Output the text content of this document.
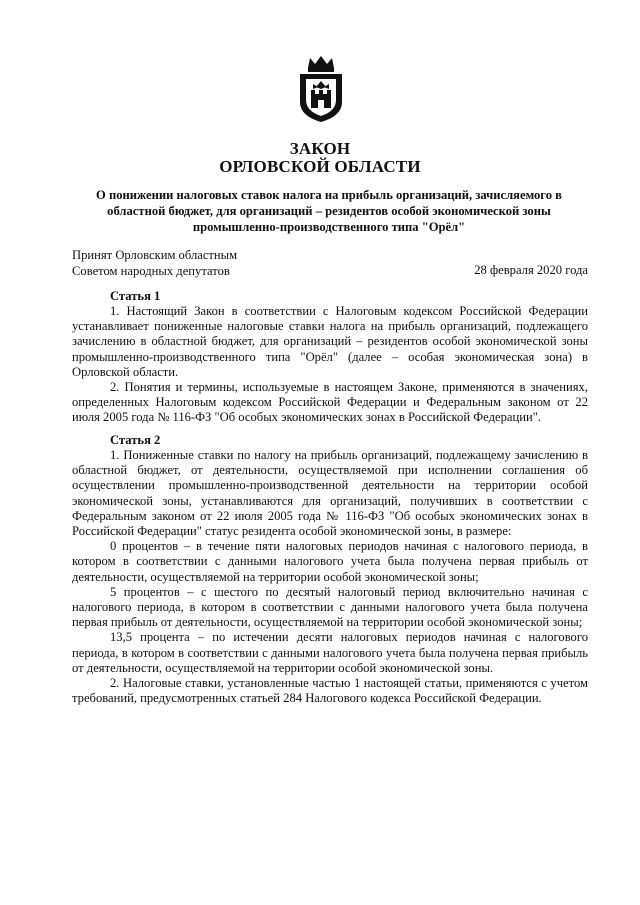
ЗАКОН
ОРЛОВСКОЙ ОБЛАСТИ
О понижении налоговых ставок налога на прибыль организаций, зачисляемого в областной бюджет, для организаций – резидентов особой экономической зоны промышленно-производственного типа "Орёл"
Принят Орловским областным
Советом народных депутатов	28 февраля 2020 года
Статья 1

1. Настоящий Закон в соответствии с Налоговым кодексом Российской Федерации устанавливает пониженные налоговые ставки налога на прибыль организаций, подлежащего зачислению в областной бюджет, для организаций – резидентов особой экономической зоны промышленно-производственного типа "Орёл" (далее – особая экономическая зона) в Орловской области.

2. Понятия и термины, используемые в настоящем Законе, применяются в значениях, определенных Налоговым кодексом Российской Федерации и Федеральным законом от 22 июля 2005 года № 116-ФЗ "Об особых экономических зонах в Российской Федерации".

Статья 2

1. Пониженные ставки по налогу на прибыль организаций, подлежащему зачислению в областной бюджет, от деятельности, осуществляемой при исполнении соглашения об осуществлении промышленно-производственной деятельности на территории особой экономической зоны, устанавливаются для организаций, получивших в соответствии с Федеральным законом от 22 июля 2005 года № 116-ФЗ "Об особых экономических зонах в Российской Федерации" статус резидента особой экономической зоны, в размере:

0 процентов – в течение пяти налоговых периодов начиная с налогового периода, в котором в соответствии с данными налогового учета была получена первая прибыль от деятельности, осуществляемой на территории особой экономической зоны;

5 процентов – с шестого по десятый налоговый период включительно начиная с налогового периода, в котором в соответствии с данными налогового учета была получена первая прибыль от деятельности, осуществляемой на территории особой экономической зоны;

13,5 процента – по истечении десяти налоговых периодов начиная с налогового периода, в котором в соответствии с данными налогового учета была получена первая прибыль от деятельности, осуществляемой на территории особой экономической зоны.

2. Налоговые ставки, установленные частью 1 настоящей статьи, применяются с учетом требований, предусмотренных статьей 284 Налогового кодекса Российской Федерации.
